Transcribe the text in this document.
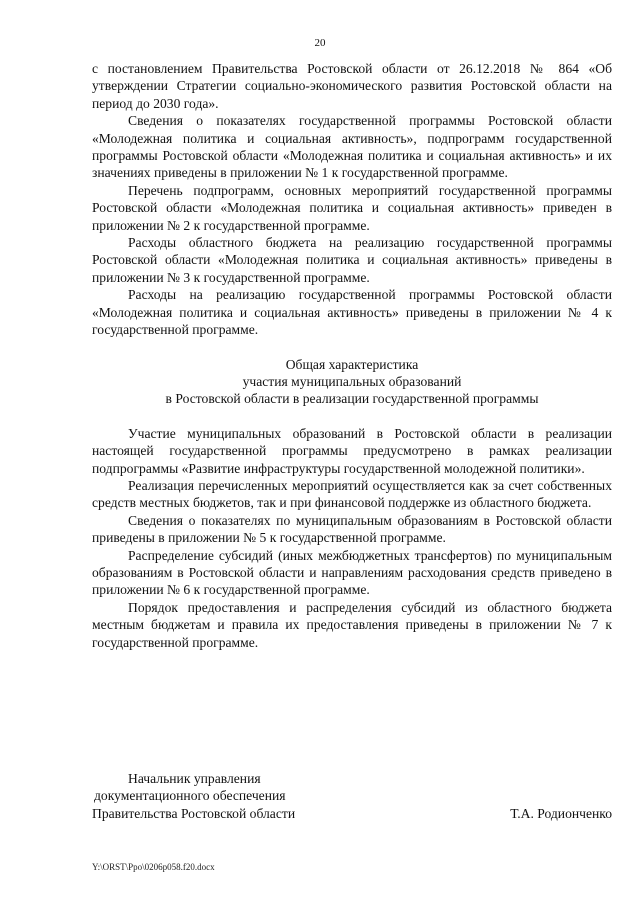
20

с постановлением Правительства Ростовской области от 26.12.2018 № 864 «Об утверждении Стратегии социально-экономического развития Ростовской области на период до 2030 года».

Сведения о показателях государственной программы Ростовской области «Молодежная политика и социальная активность», подпрограмм государственной программы Ростовской области «Молодежная политика и социальная активность» и их значениях приведены в приложении № 1 к государственной программе.

Перечень подпрограмм, основных мероприятий государственной программы Ростовской области «Молодежная политика и социальная активность» приведен в приложении № 2 к государственной программе.

Расходы областного бюджета на реализацию государственной программы Ростовской области «Молодежная политика и социальная активность» приведены в приложении № 3 к государственной программе.

Расходы на реализацию государственной программы Ростовской области «Молодежная политика и социальная активность» приведены в приложении № 4 к государственной программе.

Общая характеристика
участия муниципальных образований
в Ростовской области в реализации государственной программы

Участие муниципальных образований в Ростовской области в реализации настоящей государственной программы предусмотрено в рамках реализации подпрограммы «Развитие инфраструктуры государственной молодежной политики».

Реализация перечисленных мероприятий осуществляется как за счет собственных средств местных бюджетов, так и при финансовой поддержке из областного бюджета.

Сведения о показателях по муниципальным образованиям в Ростовской области приведены в приложении № 5 к государственной программе.

Распределение субсидий (иных межбюджетных трансфертов) по муниципальным образованиям в Ростовской области и направлениям расходования средств приведено в приложении № 6 к государственной программе.

Порядок предоставления и распределения субсидий из областного бюджета местным бюджетам и правила их предоставления приведены в приложении № 7 к государственной программе.

Начальник управления
документационного обеспечения
Правительства Ростовской области	Т.А. Родионченко
Y:\ORST\Ppo\0206p058.f20.docx
